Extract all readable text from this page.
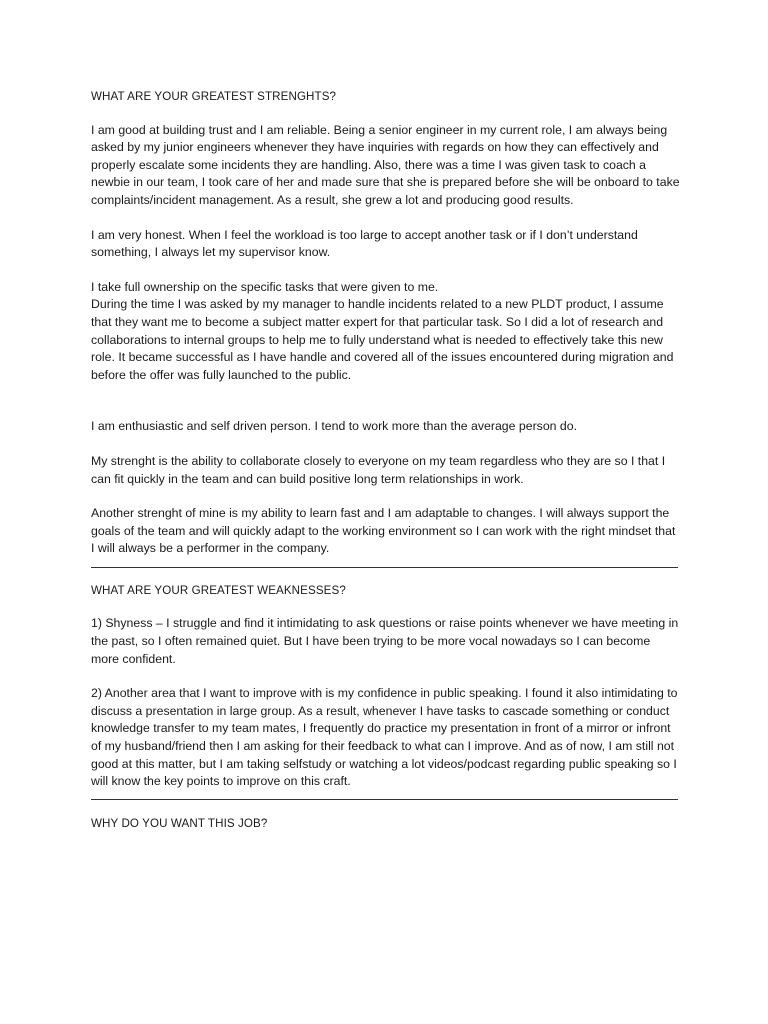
WHAT ARE YOUR GREATEST STRENGHTS?

I am good at building trust and I am reliable. Being a senior engineer in my current role, I am always being asked by my junior engineers whenever they have inquiries with regards on how they can effectively and properly escalate some incidents they are handling. Also, there was a time I was given task to coach a newbie in our team, I took care of her and made sure that she is prepared before she will be onboard to take complaints/incident management. As a result, she grew a lot and producing good results.

I am very honest. When I feel the workload is too large to accept another task or if I don’t understand something, I always let my supervisor know.

I take full ownership on the specific tasks that were given to me.

During the time I was asked by my manager to handle incidents related to a new PLDT product, I assume that they want me to become a subject matter expert for that particular task. So I did a lot of research and collaborations to internal groups to help me to fully understand what is needed to effectively take this new role. It became successful as I have handle and covered all of the issues encountered during migration and before the offer was fully launched to the public.

I am enthusiastic and self driven person. I tend to work more than the average person do.

My strenght is the ability to collaborate closely to everyone on my team regardless who they are so I that I can fit quickly in the team and can build positive long term relationships in work.

Another strenght of mine is my ability to learn fast and I am adaptable to changes. I will always support the goals of the team and will quickly adapt to the working environment so I can work with the right mindset that I will always be a performer in the company.

WHAT ARE YOUR GREATEST WEAKNESSES?

1) Shyness – I struggle and find it intimidating to ask questions or raise points whenever we have meeting in the past, so I often remained quiet. But I have been trying to be more vocal nowadays so I can become more confident.

2) Another area that I want to improve with is my confidence in public speaking. I found it also intimidating to discuss a presentation in large group. As a result, whenever I have tasks to cascade something or conduct knowledge transfer to my team mates, I frequently do practice my presentation in front of a mirror or infront of my husband/friend then I am asking for their feedback to what can I improve. And as of now, I am still not good at this matter, but I am taking selfstudy or watching a lot videos/podcast regarding public speaking so I will know the key points to improve on this craft.

WHY DO YOU WANT THIS JOB?
